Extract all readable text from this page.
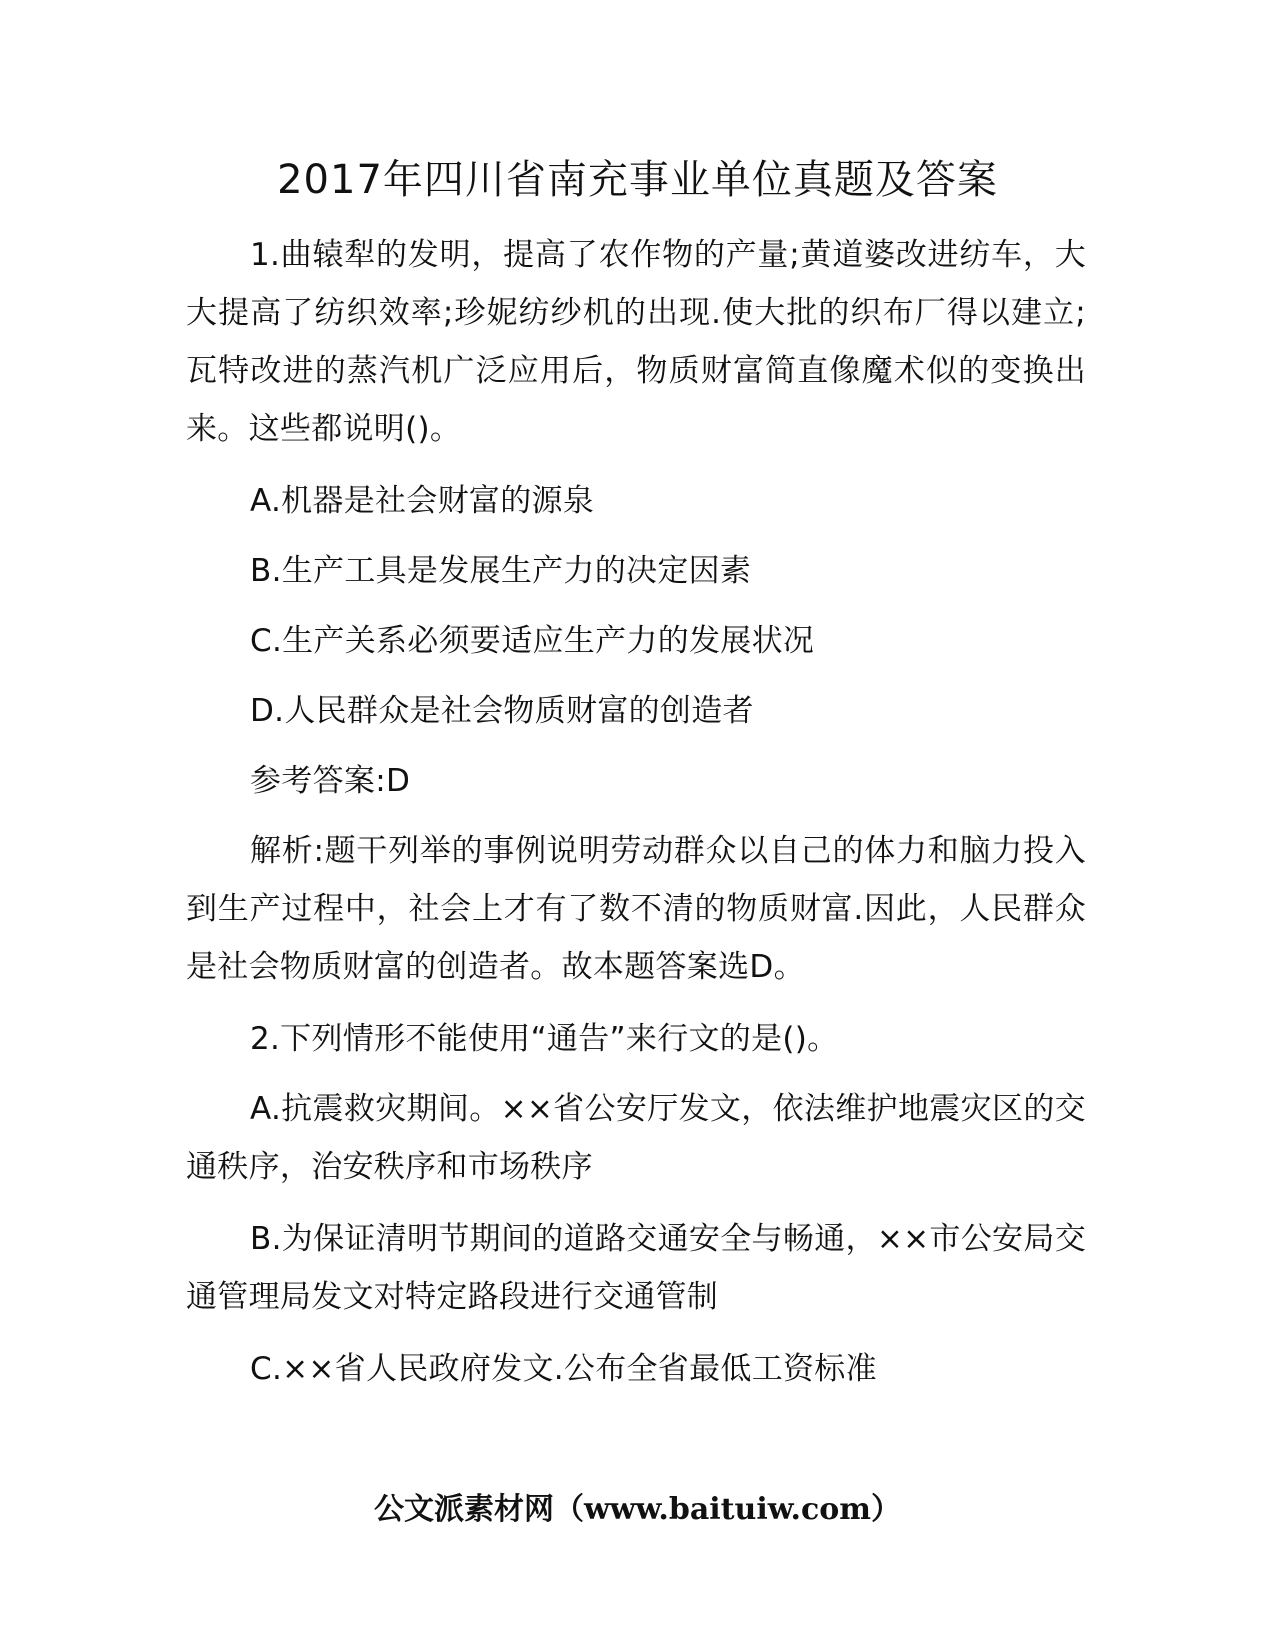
2017年四川省南充事业单位真题及答案

1.曲辕犁的发明，提高了农作物的产量;黄道婆改进纺车，大大提高了纺织效率;珍妮纺纱机的出现.使大批的织布厂得以建立;瓦特改进的蒸汽机广泛应用后，物质财富简直像魔术似的变换出来。这些都说明()。

A.机器是社会财富的源泉

B.生产工具是发展生产力的决定因素

C.生产关系必须要适应生产力的发展状况

D.人民群众是社会物质财富的创造者

参考答案:D

解析:题干列举的事例说明劳动群众以自己的体力和脑力投入到生产过程中，社会上才有了数不清的物质财富.因此，人民群众是社会物质财富的创造者。故本题答案选D。

2.下列情形不能使用“通告”来行文的是()。

A.抗震救灾期间。××省公安厅发文，依法维护地震灾区的交通秩序，治安秩序和市场秩序

B.为保证清明节期间的道路交通安全与畅通，××市公安局交通管理局发文对特定路段进行交通管制

C.××省人民政府发文.公布全省最低工资标准

公文派素材网（www.baituiw.com）
